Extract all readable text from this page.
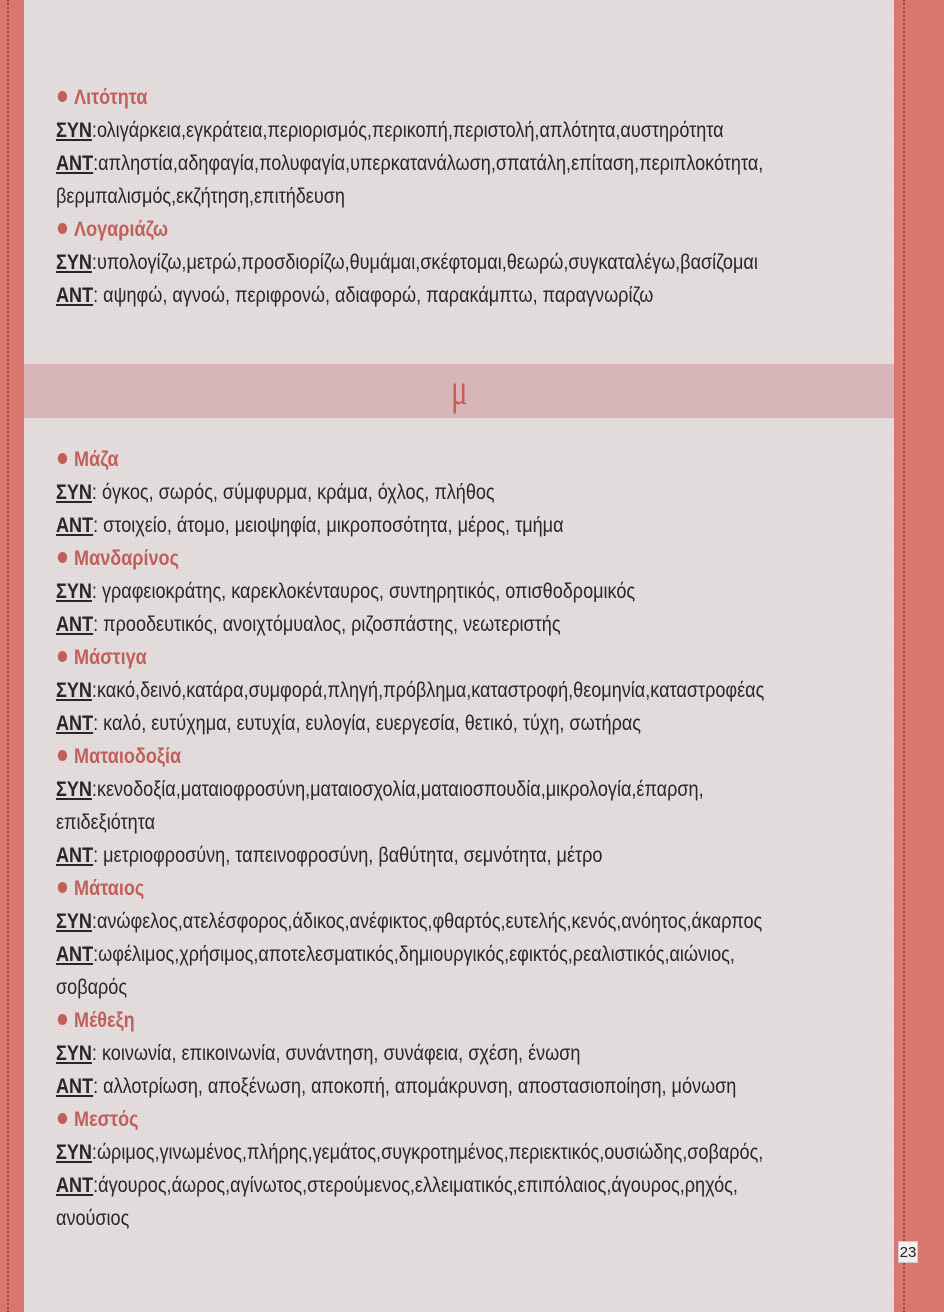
Λιτότητα
ΣΥΝ:ολιγάρκεια,εγκράτεια,περιορισμός,περικοπή,περιστολή,απλότητα,αυστηρότητα
ΑΝΤ:απληστία,αδηφαγία,πολυφαγία,υπερκατανάλωση,σπατάλη,επίταση,περιπλοκότητα,
βερμπαλισμός,εκζήτηση,επιτήδευση
Λογαριάζω
ΣΥΝ:υπολογίζω,μετρώ,προσδιορίζω,θυμάμαι,σκέφτομαι,θεωρώ,συγκαταλέγω,βασίζομαι
ΑΝΤ: αψηφώ, αγνοώ, περιφρονώ, αδιαφορώ, παρακάμπτω, παραγνωρίζω
μ
Μάζα
ΣΥΝ: όγκος, σωρός, σύμφυρμα, κράμα, όχλος, πλήθος
ΑΝΤ: στοιχείο, άτομο, μειοψηφία, μικροποσότητα, μέρος, τμήμα
Μανδαρίνος
ΣΥΝ: γραφειοκράτης, καρεκλοκένταυρος, συντηρητικός, οπισθοδρομικός
ΑΝΤ: προοδευτικός, ανοιχτόμυαλος, ριζοσπάστης, νεωτεριστής
Μάστιγα
ΣΥΝ:κακό,δεινό,κατάρα,συμφορά,πληγή,πρόβλημα,καταστροφή,θεομηνία,καταστροφέας
ΑΝΤ: καλό, ευτύχημα, ευτυχία, ευλογία, ευεργεσία, θετικό, τύχη, σωτήρας
Ματαιοδοξία
ΣΥΝ:κενοδοξία,ματαιοφροσύνη,ματαιοσχολία,ματαιοσπουδία,μικρολογία,έπαρση,
επιδεξιότητα
ΑΝΤ: μετριοφροσύνη, ταπεινοφροσύνη, βαθύτητα, σεμνότητα, μέτρο
Μάταιος
ΣΥΝ:ανώφελος,ατελέσφορος,άδικος,ανέφικτος,φθαρτός,ευτελής,κενός,ανόητος,άκαρπος
ΑΝΤ:ωφέλιμος,χρήσιμος,αποτελεσματικός,δημιουργικός,εφικτός,ρεαλιστικός,αιώνιος,
σοβαρός
Μέθεξη
ΣΥΝ: κοινωνία, επικοινωνία, συνάντηση, συνάφεια, σχέση, ένωση
ΑΝΤ: αλλοτρίωση, αποξένωση, αποκοπή, απομάκρυνση, αποστασιοποίηση, μόνωση
Μεστός
ΣΥΝ:ώριμος,γινωμένος,πλήρης,γεμάτος,συγκροτημένος,περιεκτικός,ουσιώδης,σοβαρός,
ΑΝΤ:άγουρος,άωρος,αγίνωτος,στερούμενος,ελλειματικός,επιπόλαιος,άγουρος,ρηχός,
ανούσιος
23
